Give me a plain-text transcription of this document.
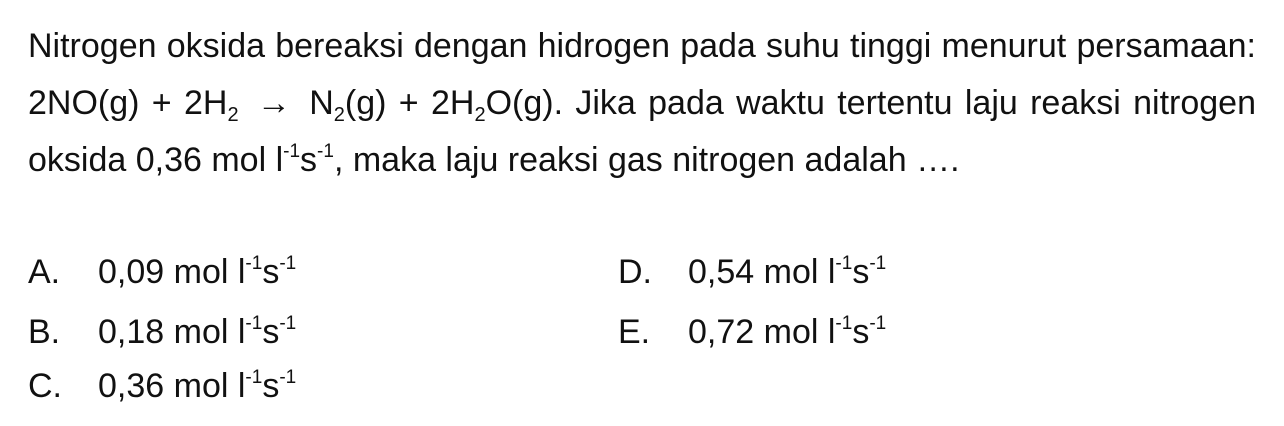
Nitrogen oksida bereaksi dengan hidrogen pada suhu tinggi menurut persamaan: $2NO(g) + 2H_2 \to N_2(g) + 2H_2O(g)$. Jika pada waktu tertentu laju reaksi nitrogen oksida 0,36 mol $l^{-1}s^{-1}$, maka laju reaksi gas nitrogen adalah ….
A. 0,09 mol $l^{-1}s^{-1}$
B. 0,18 mol $l^{-1}s^{-1}$
C. 0,36 mol $l^{-1}s^{-1}$
D. 0,54 mol $l^{-1}s^{-1}$
E. 0,72 mol $l^{-1}s^{-1}$
